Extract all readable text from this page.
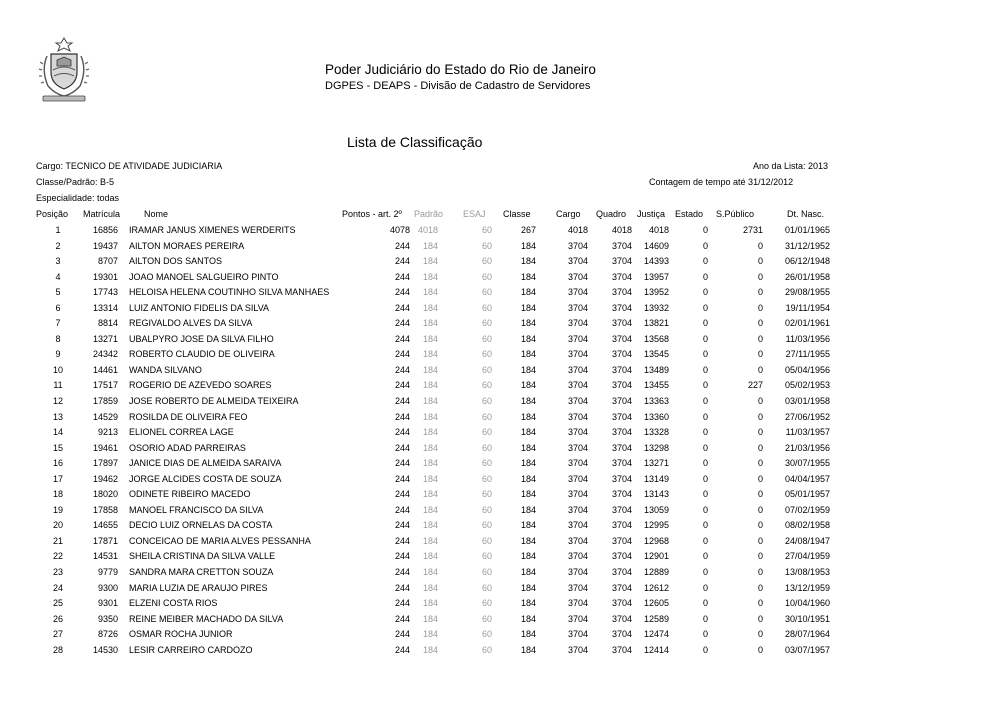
Poder Judiciário do Estado do Rio de Janeiro
DGPES - DEAPS - Divisão de Cadastro de Servidores
Lista de Classificação
Cargo: TECNICO DE ATIVIDADE JUDICIARIA
Classe/Padrão: B-5
Especialidade: todas
Ano da Lista: 2013
Contagem de tempo até 31/12/2012
Posição Matrícula	Nome	Pontos - art. 2º Padrão ESAJ Classe	Cargo Quadro Justiça Estado S.Público	Dt. Nasc.
1	16856 IRAMAR JANUS XIMENES WERDERITS	4078 4018	60	267	4018	4018	4018	0	2731	01/01/1965
2	19437 AILTON MORAES PEREIRA	244	184	60	184	3704	3704	14609	0	0	31/12/1952
3	8707 AILTON DOS SANTOS	244	184	60	184	3704	3704	14393	0	0	06/12/1948
4	19301 JOAO MANOEL SALGUEIRO PINTO	244	184	60	184	3704	3704	13957	0	0	26/01/1958
5	17743 HELOISA HELENA COUTINHO SILVA MANHAES	244	184	60	184	3704	3704	13952	0	0	29/08/1955
6	13314 LUIZ ANTONIO FIDELIS DA SILVA	244	184	60	184	3704	3704	13932	0	0	19/11/1954
7	8814 REGIVALDO ALVES DA SILVA	244	184	60	184	3704	3704	13821	0	0	02/01/1961
8	13271 UBALPYRO JOSE DA SILVA FILHO	244	184	60	184	3704	3704	13568	0	0	11/03/1956
9	24342 ROBERTO CLAUDIO DE OLIVEIRA	244	184	60	184	3704	3704	13545	0	0	27/11/1955
10	14461 WANDA SILVANO	244	184	60	184	3704	3704	13489	0	0	05/04/1956
11	17517 ROGERIO DE AZEVEDO SOARES	244	184	60	184	3704	3704	13455	0	227	05/02/1953
12	17859 JOSE ROBERTO DE ALMEIDA TEIXEIRA	244	184	60	184	3704	3704	13363	0	0	03/01/1958
13	14529 ROSILDA DE OLIVEIRA FEO	244	184	60	184	3704	3704	13360	0	0	27/06/1952
14	9213 ELIONEL CORREA LAGE	244	184	60	184	3704	3704	13328	0	0	11/03/1957
15	19461 OSORIO ADAD PARREIRAS	244	184	60	184	3704	3704	13298	0	0	21/03/1956
16	17897 JANICE DIAS DE ALMEIDA SARAIVA	244	184	60	184	3704	3704	13271	0	0	30/07/1955
17	19462 JORGE ALCIDES COSTA DE SOUZA	244	184	60	184	3704	3704	13149	0	0	04/04/1957
18	18020 ODINETE RIBEIRO MACEDO	244	184	60	184	3704	3704	13143	0	0	05/01/1957
19	17858 MANOEL FRANCISCO DA SILVA	244	184	60	184	3704	3704	13059	0	0	07/02/1959
20	14655 DECIO LUIZ ORNELAS DA COSTA	244	184	60	184	3704	3704	12995	0	0	08/02/1958
21	17871 CONCEICAO DE MARIA ALVES PESSANHA	244	184	60	184	3704	3704	12968	0	0	24/08/1947
22	14531 SHEILA CRISTINA DA SILVA VALLE	244	184	60	184	3704	3704	12901	0	0	27/04/1959
23	9779 SANDRA MARA CRETTON SOUZA	244	184	60	184	3704	3704	12889	0	0	13/08/1953
24	9300 MARIA LUZIA DE ARAUJO PIRES	244	184	60	184	3704	3704	12612	0	0	13/12/1959
25	9301 ELZENI COSTA RIOS	244	184	60	184	3704	3704	12605	0	0	10/04/1960
26	9350 REINE MEIBER MACHADO DA SILVA	244	184	60	184	3704	3704	12589	0	0	30/10/1951
27	8726 OSMAR ROCHA JUNIOR	244	184	60	184	3704	3704	12474	0	0	28/07/1964
28	14530 LESIR CARREIRO CARDOZO	244	184	60	184	3704	3704	12414	0	0	03/07/1957
